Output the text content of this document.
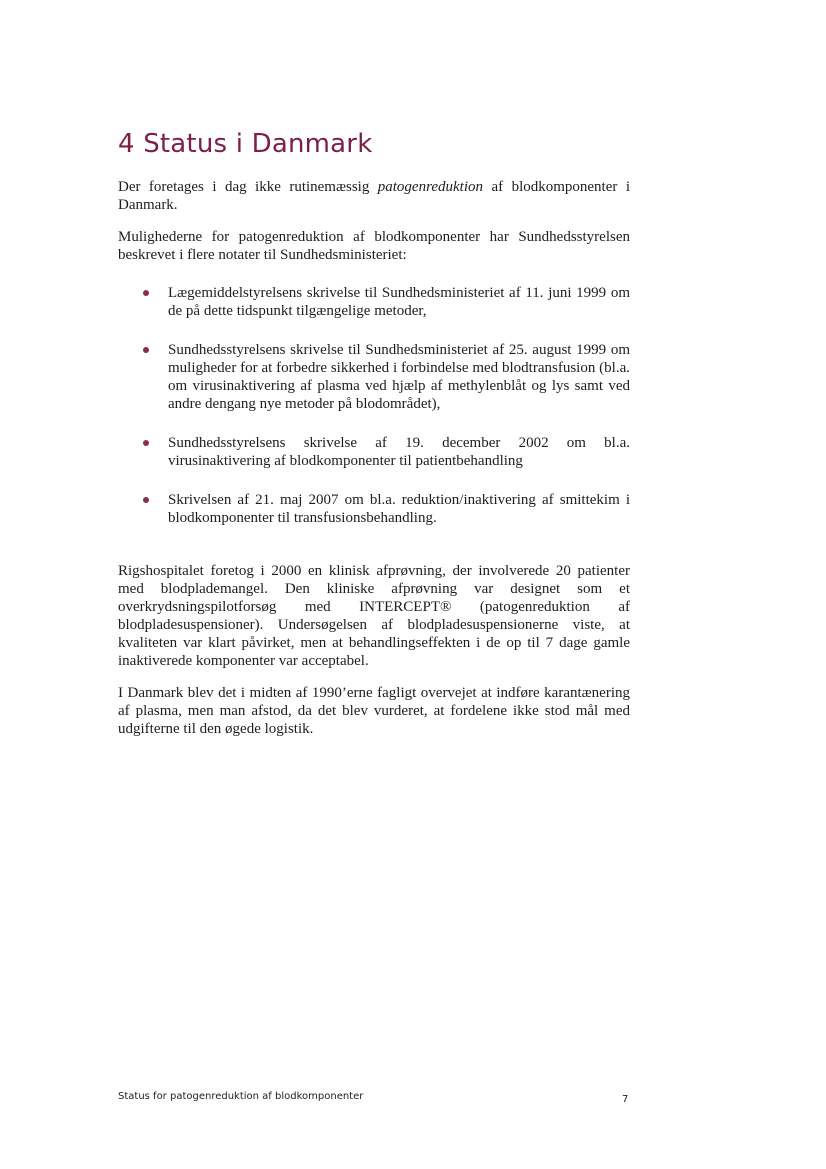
4 Status i Danmark

Der foretages i dag ikke rutinemæssig patogenreduktion af blodkomponenter i Danmark.

Mulighederne for patogenreduktion af blodkomponenter har Sundhedsstyrelsen beskrevet i flere notater til Sundhedsministeriet:

Lægemiddelstyrelsens skrivelse til Sundhedsministeriet af 11. juni 1999 om de på dette tidspunkt tilgængelige metoder,
Sundhedsstyrelsens skrivelse til Sundhedsministeriet af 25. august 1999 om muligheder for at forbedre sikkerhed i forbindelse med blodtransfusion (bl.a. om virusinaktivering af plasma ved hjælp af methylenblåt og lys samt ved andre dengang nye metoder på blodområdet),
Sundhedsstyrelsens skrivelse af 19. december 2002 om bl.a. virusinaktivering af blodkomponenter til patientbehandling
Skrivelsen af 21. maj 2007 om bl.a. reduktion/inaktivering af smittekim i blodkomponenter til transfusionsbehandling.

Rigshospitalet foretog i 2000 en klinisk afprøvning, der involverede 20 patienter med blodplademangel. Den kliniske afprøvning var designet som et overkrydsningspilotforsøg med INTERCEPT® (patogenreduktion af blodpladesuspensioner). Undersøgelsen af blodpladesuspensionerne viste, at kvaliteten var klart påvirket, men at behandlingseffekten i de op til 7 dage gamle inaktiverede komponenter var acceptabel.

I Danmark blev det i midten af 1990’erne fagligt overvejet at indføre karantænering af plasma, men man afstod, da det blev vurderet, at fordelene ikke stod mål med udgifterne til den øgede logistik.

Status for patogenreduktion af blodkomponenter	7
